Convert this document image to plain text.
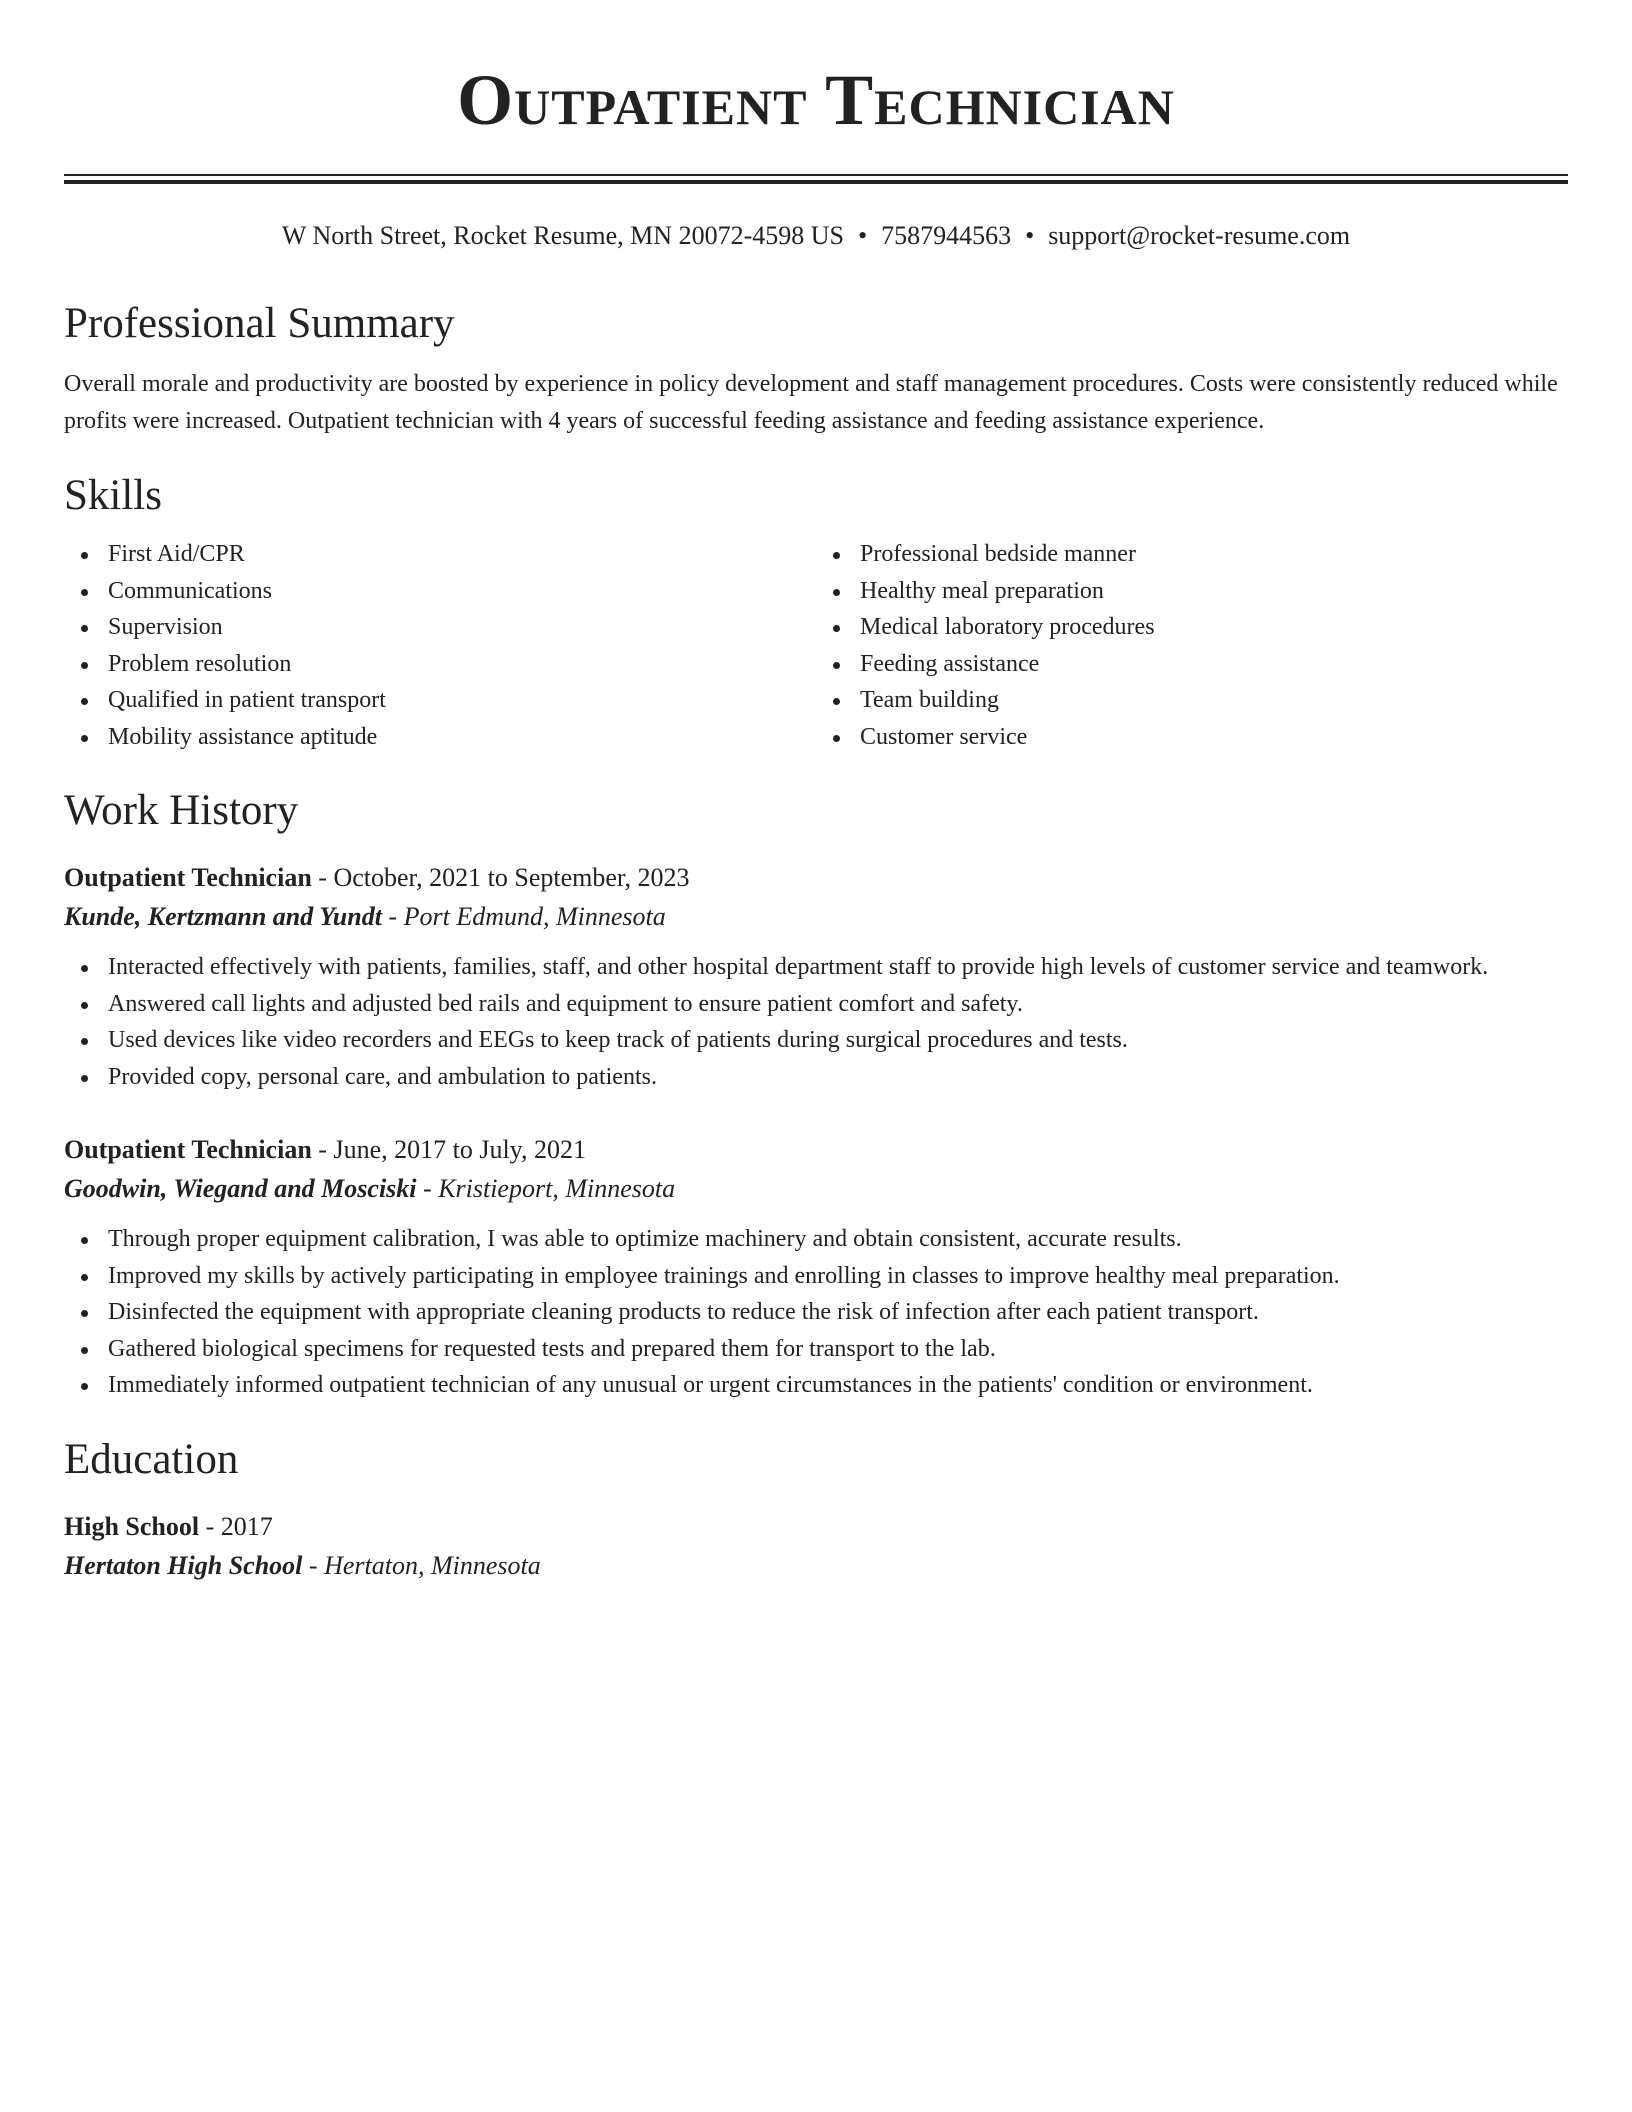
Outpatient Technician
W North Street, Rocket Resume, MN 20072-4598 US • 7587944563 • support@rocket-resume.com
Professional Summary

Overall morale and productivity are boosted by experience in policy development and staff management procedures. Costs were consistently reduced while profits were increased. Outpatient technician with 4 years of successful feeding assistance and feeding assistance experience.

Skills
First Aid/CPR
Communications
Supervision
Problem resolution
Qualified in patient transport
Mobility assistance aptitude
Professional bedside manner
Healthy meal preparation
Medical laboratory procedures
Feeding assistance
Team building
Customer service
Work History
Outpatient Technician - October, 2021 to September, 2023
Kunde, Kertzmann and Yundt - Port Edmund, Minnesota
Interacted effectively with patients, families, staff, and other hospital department staff to provide high levels of customer service and teamwork.
Answered call lights and adjusted bed rails and equipment to ensure patient comfort and safety.
Used devices like video recorders and EEGs to keep track of patients during surgical procedures and tests.
Provided copy, personal care, and ambulation to patients.
Outpatient Technician - June, 2017 to July, 2021
Goodwin, Wiegand and Mosciski - Kristieport, Minnesota
Through proper equipment calibration, I was able to optimize machinery and obtain consistent, accurate results.
Improved my skills by actively participating in employee trainings and enrolling in classes to improve healthy meal preparation.
Disinfected the equipment with appropriate cleaning products to reduce the risk of infection after each patient transport.
Gathered biological specimens for requested tests and prepared them for transport to the lab.
Immediately informed outpatient technician of any unusual or urgent circumstances in the patients' condition or environment.
Education
High School - 2017
Hertaton High School - Hertaton, Minnesota
